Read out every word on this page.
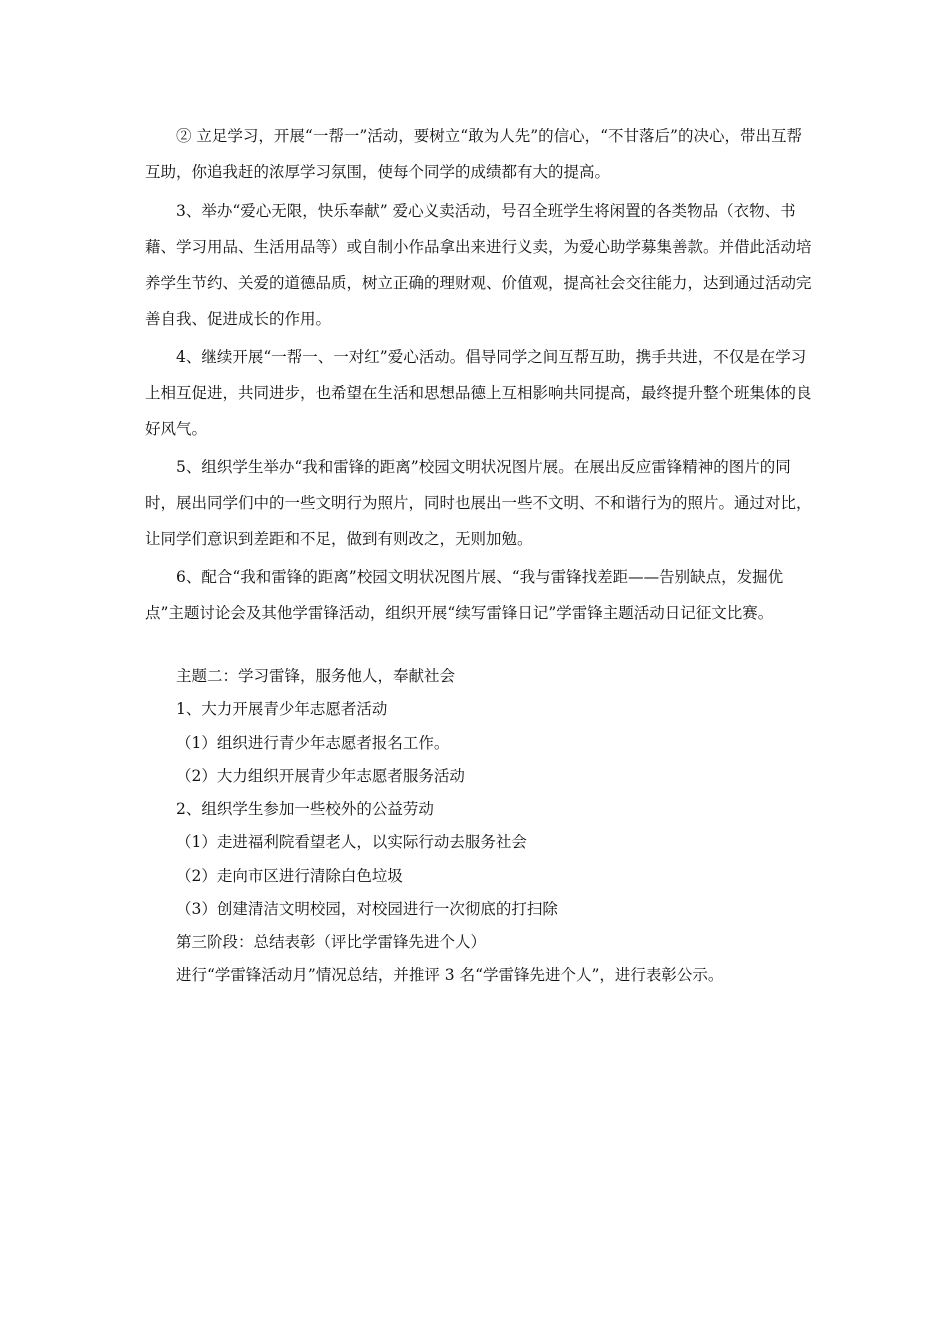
② 立足学习，开展“一帮一”活动，要树立“敢为人先”的信心，“不甘落后”的决心，带出互帮互助，你追我赶的浓厚学习氛围，使每个同学的成绩都有大的提高。

3、举办“爱心无限，快乐奉献” 爱心义卖活动，号召全班学生将闲置的各类物品（衣物、书藉、学习用品、生活用品等）或自制小作品拿出来进行义卖，为爱心助学募集善款。并借此活动培养学生节约、关爱的道德品质，树立正确的理财观、价值观，提高社会交往能力，达到通过活动完善自我、促进成长的作用。

4、继续开展“一帮一、一对红”爱心活动。倡导同学之间互帮互助，携手共进，不仅是在学习上相互促进，共同进步，也希望在生活和思想品德上互相影响共同提高，最终提升整个班集体的良好风气。

5、组织学生举办“我和雷锋的距离”校园文明状况图片展。在展出反应雷锋精神的图片的同时，展出同学们中的一些文明行为照片，同时也展出一些不文明、不和谐行为的照片。通过对比，让同学们意识到差距和不足，做到有则改之，无则加勉。

6、配合“我和雷锋的距离”校园文明状况图片展、“我与雷锋找差距——告别缺点，发掘优点”主题讨论会及其他学雷锋活动，组织开展“续写雷锋日记”学雷锋主题活动日记征文比赛。

主题二：学习雷锋，服务他人，奉献社会

1、大力开展青少年志愿者活动

（1）组织进行青少年志愿者报名工作。

（2）大力组织开展青少年志愿者服务活动

2、组织学生参加一些校外的公益劳动

（1）走进福利院看望老人，以实际行动去服务社会

（2）走向市区进行清除白色垃圾

（3）创建清洁文明校园，对校园进行一次彻底的打扫除

第三阶段：总结表彰（评比学雷锋先进个人）

进行“学雷锋活动月”情况总结，并推评 3 名“学雷锋先进个人”，进行表彰公示。
